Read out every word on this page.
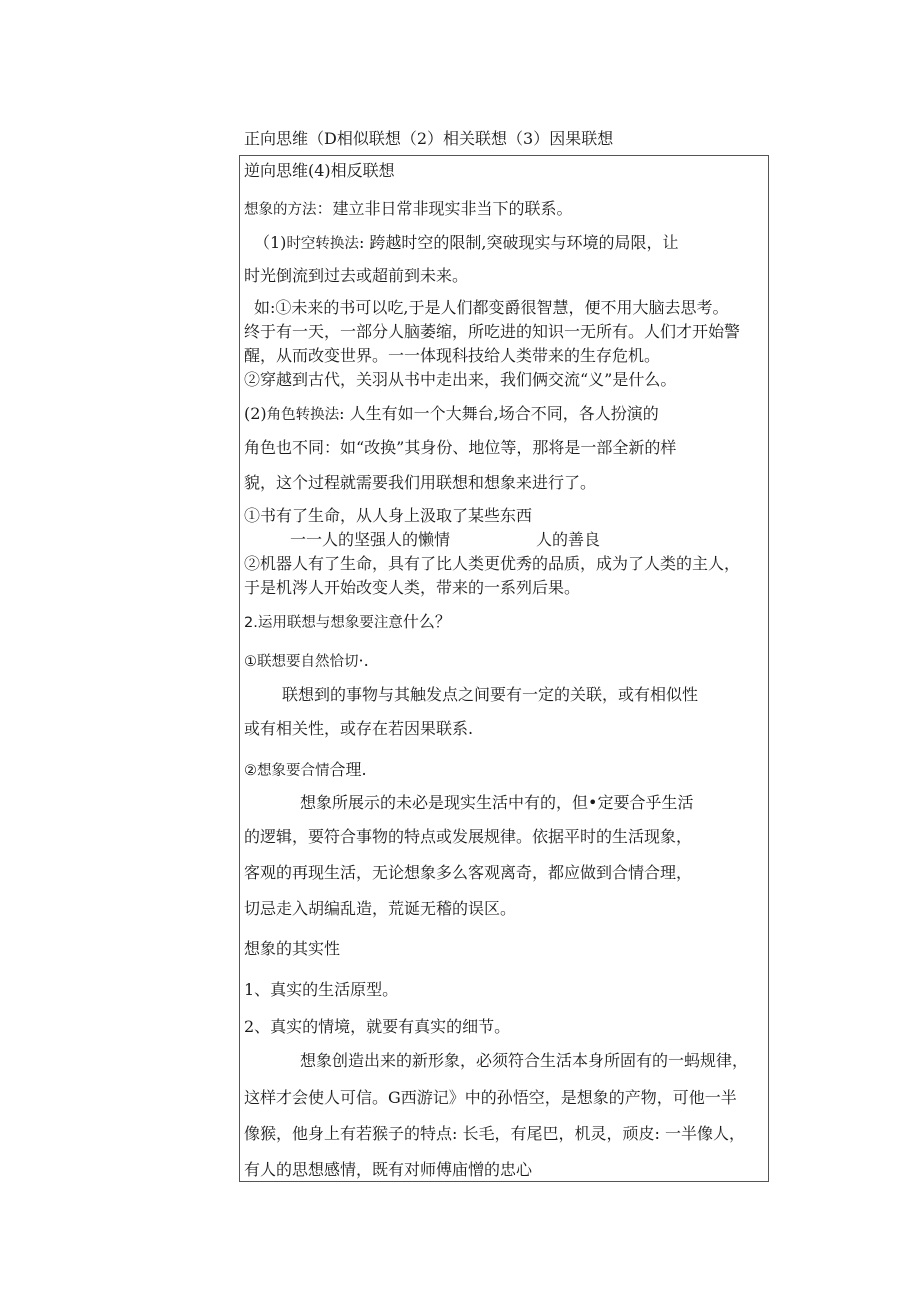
正向思维（D相似联想（2）相关联想（3）因果联想
逆向思维(4)相反联想
想象的方法：建立非日常非现实非当下的联系。
（1)时空转换法: 跨越时空的限制,突破现实与环境的局限，让
时光倒流到过去或超前到未来。
如:①未来的书可以吃,于是人们都变爵很智慧，便不用大脑去思考。
终于有一天，一部分人脑萎缩，所吃进的知识一无所有。人们才开始警
醒，从而改变世界。一一体现科技给人类带来的生存危机。
②穿越到古代，关羽从书中走出来，我们俩交流“义”是什么。
(2)角色转换法: 人生有如一个大舞台,场合不同，各人扮演的
角色也不同：如“改换”其身份、地位等，那将是一部全新的样
貌，这个过程就需要我们用联想和想象来进行了。
①书有了生命，从人身上汲取了某些东西
一一人的坚强人的懒情	人的善良
②机器人有了生命，具有了比人类更优秀的品质，成为了人类的主人，
于是机涔人开始改变人类，带来的一系列后果。
2.运用联想与想象要注意什么？
①联想要自然恰切·.
联想到的事物与其触发点之间要有一定的关联，或有相似性
或有相关性，或存在若因果联系.
②想象要合情合理.
想象所展示的未必是现实生活中有的，但•定要合乎生活
的逻辑，要符合事物的特点或发展规律。依据平时的生活现象，
客观的再现生活，无论想象多么客观离奇，都应做到合情合理，
切忌走入胡编乱造，荒诞无稽的误区。
想象的其实性
1、真实的生活原型。
2、真实的情境，就要有真实的细节。
想象创造出来的新形象，必须符合生活本身所固有的一蚂规律，
这样才会使人可信。G西游记》中的孙悟空，是想象的产物，可他一半
像猴，他身上有若猴子的特点: 长毛，有尾巴，机灵，顽皮: 一半像人，
有人的思想感情，既有对师傅庙憎的忠心
